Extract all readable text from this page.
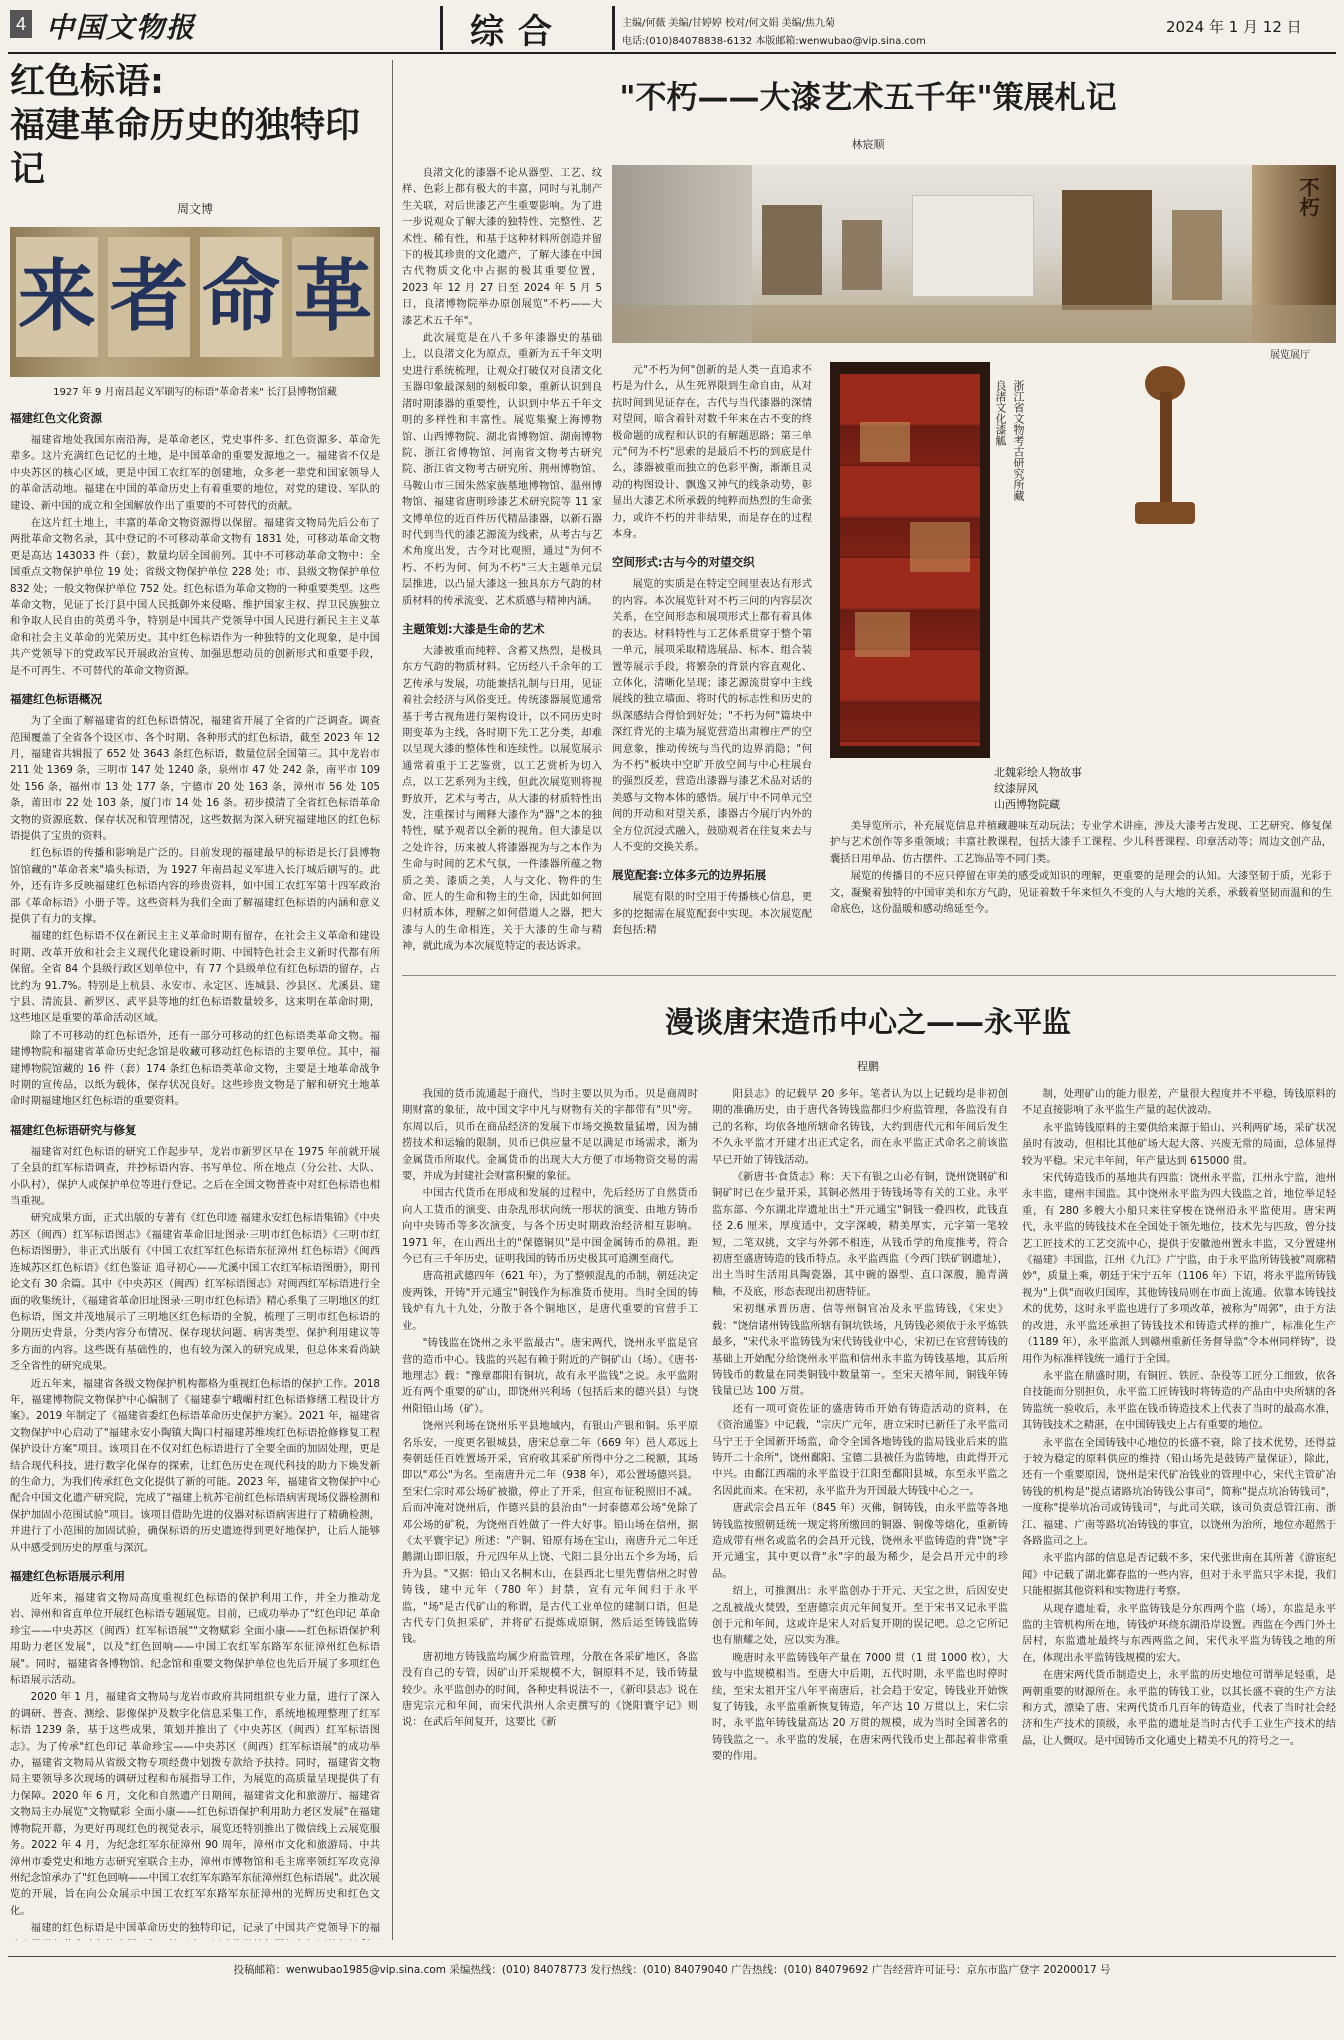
4 中国文物报	综合	主编/何薇 美编/甘婷婷 校对/何文娟 美编/焦九菊
电话:(010)84078838-6132 本版邮箱:wenwubao@vip.sina.com
2024 年 1 月 12 日
红色标语:
福建革命历史的独特印记
周文博
来 者 命 革
1927 年 9 月南昌起义军刷写的标语"革命者来" 长汀县博物馆藏
福建红色文化资源

福建省地处我国东南沿海，是革命老区，党史事件多、红色资源多、革命先辈多。这片充满红色记忆的土地，是中国革命的重要发源地之一。福建省不仅是中央苏区的核心区域，更是中国工农红军的创建地，众多老一辈党和国家领导人的革命活动地。福建在中国的革命历史上有着重要的地位，对党的建设、军队的建设、新中国的成立和全国解放作出了重要的不可替代的贡献。

在这片红土地上，丰富的革命文物资源得以保留。福建省文物局先后公布了两批革命文物名录，其中登记的不可移动革命文物有 1831 处，可移动革命文物更是高达 143033 件（套），数量均居全国前列。其中不可移动革命文物中：全国重点文物保护单位 19 处；省级文物保护单位 228 处；市、县级文物保护单位 832 处；一般文物保护单位 752 处。红色标语为革命文物的一种重要类型。这些革命文物，见证了长汀县中国人民抵御外来侵略、维护国家主权、捍卫民族独立和争取人民自由的英勇斗争，特别是中国共产党领导中国人民进行新民主主义革命和社会主义革命的光荣历史。其中红色标语作为一种独特的文化现象，是中国共产党领导下的党政军民开展政治宣传、加强思想动员的创新形式和重要手段，是不可再生、不可替代的革命文物资源。

福建红色标语概况

为了全面了解福建省的红色标语情况，福建省开展了全省的广泛调查。调查范围覆盖了全省各个设区市、各个时期、各种形式的红色标语，截至 2023 年 12 月，福建省共辑报了 652 处 3643 条红色标语，数量位居全国第三。其中龙岩市 211 处 1369 条，三明市 147 处 1240 条，泉州市 47 处 242 条，南平市 109 处 156 条，福州市 13 处 177 条，宁德市 20 处 163 条，漳州市 56 处 105 条，莆田市 22 处 103 条，厦门市 14 处 16 条。初步摸清了全省红色标语革命文物的资源底数、保存状况和管理情况，这些数据为深入研究福建地区的红色标语提供了宝贵的资料。

红色标语的传播和影响是广泛的。目前发现的福建最早的标语是长汀县博物馆馆藏的"革命者来"墙头标语，为 1927 年南昌起义军进入长汀城后刷写的。此外，还有许多反映福建红色标语内容的珍贵资料，如中国工农红军第十四军政治部《革命标语》小册子等。这些资料为我们全面了解福建红色标语的内涵和意义提供了有力的支撑。

福建的红色标语不仅在新民主主义革命时期有留存，在社会主义革命和建设时期、改革开放和社会主义现代化建设新时期、中国特色社会主义新时代都有所保留。全省 84 个县级行政区划单位中，有 77 个县级单位有红色标语的留存，占比约为 91.7%。特别是上杭县、永安市、永定区、连城县、沙县区、尤溪县、建宁县、清流县、新罗区、武平县等地的红色标语数量较多，这来明在革命时期，这些地区是重要的革命活动区域。

除了不可移动的红色标语外，还有一部分可移动的红色标语类革命文物。福建博物院和福建省革命历史纪念馆是收藏可移动红色标语的主要单位。其中，福建博物院馆藏的 16 件（套）174 条红色标语类革命文物，主要是土地革命战争时期的宣传品，以纸为载体，保存状况良好。这些珍贵文物是了解和研究土地革命时期福建地区红色标语的重要资料。

福建红色标语研究与修复

福建省对红色标语的研究工作起步早，龙岩市新罗区早在 1975 年前就开展了全县的红军标语调查，并抄标语内容、书写单位、所在地点（分公社、大队、小队村），保护人或保护单位等进行登记。之后在全国文物普查中对红色标语也相当重视。

研究成果方面，正式出版的专著有《红色印迹 福建永安红色标语集锦》《中央苏区（闽西）红军标语图志》《福建省革命旧址图录·三明市红色标语》《三明市红色标语图册》，非正式出版有《中国工农红军红色标语东征漳州 红色标语》《闽西连城苏区红色标语》《红色鉴证 追寻初心——尤溪中国工农红军标语图册》，期刊论文有 30 余篇。其中《中央苏区（闽西）红军标语图志》对闽西红军标语进行全面的收集统计，《福建省革命旧址图录·三明市红色标语》精心系集了三明地区的红色标语，图文并茂地展示了三明地区红色标语的全貌，梳理了三明市红色标语的分期历史背景，分类内容分布情况、保存现状问题、病害类型、保护利用建议等多方面的内容。这些既有基础性的，也有较为深入的研究成果，但总体来看尚缺乏全省性的研究成果。

近五年来，福建省各级文物保护机构都格为重视红色标语的保护工作。2018 年，福建博物院文物保护中心编制了《福建泰宁峨嵋村红色标语修缮工程设计方案》。2019 年制定了《福建省委红色标语革命历史保护方案》。2021 年，福建省文物保护中心启动了"福建永安小陶镇大陶口村福建苏维埃红色标语抢修修复工程保护设计方案"项目。该项目在不仅对红色标语进行了全要全面的加固处理，更是结合现代科技，进行数字化保存的探索，让红色历史在现代科技的助力下焕发新的生命力，为我们传承红色文化提供了新的可能。2023 年，福建省文物保护中心配合中国文化遗产研究院，完成了"福建上杭苏宅前红色标语病害现场仪器检测和保护加固小范围试验"项目。该项目借助先进的仪器对标语病害进行了精确检测，并进行了小范围的加固试验，确保标语的历史遗迹得到更好地保护，让后人能够从中感受到历史的厚重与深沉。

福建红色标语展示利用

近年来，福建省文物局高度重视红色标语的保护利用工作，并全力推动龙岩、漳州和省直单位开展红色标语专题展览。目前，已成功举办了"红色印记 革命珍宝——中央苏区（闽西）红军标语展""文物赋彩 全面小康——红色标语保护利用助力老区发展"，以及"红色回响——中国工农红军东路军东征漳州红色标语展"。同时，福建省各博物馆、纪念馆和重要文物保护单位也先后开展了多项红色标语展示活动。

2020 年 1 月，福建省文物局与龙岩市政府共同组织专业力量，进行了深入的调研、普查、测绘、影像保护及数字化信息采集工作，系统地梳理整理了红军标语 1239 条，基于这些成果，策划并推出了《中央苏区（闽西）红军标语图志》。为了传承"红色印记 革命珍宝——中央苏区（闽西）红军标语展"的成功举办，福建省文物局从省级文物专项经费中划拨专款给予扶持。同时，福建省文物局主要领导多次现场的调研过程和布展指导工作，为展览的高质量呈现提供了有力保障。2020 年 6 月，文化和自然遗产日期间，福建省文化和旅游厅、福建省文物局主办展览"文物赋彩 全面小康——红色标语保护利用助力老区发展"在福建博物院开幕，为更好再现红色的视觉表示，展览还特别推出了微信线上云展览服务。2022 年 4 月，为纪念红军东征漳州 90 周年，漳州市文化和旅游局、中共漳州市委党史和地方志研究室联合主办，漳州市博物馆和毛主席率领红军攻克漳州纪念馆承办了"红色回响——中国工农红军东路军东征漳州红色标语展"。此次展览的开展，旨在向公众展示中国工农红军东路军东征漳州的光辉历史和红色文化。

福建的红色标语是中国革命历史的独特印记，记录了中国共产党领导下的福

"不朽——大漆艺术五千年"策展札记
林宸顺

良渚文化的漆器不论从器型、工艺、纹样、色彩上都有极大的丰富，同时与礼制产生关联，对后世漆艺产生重要影响。为了进一步说观众了解大漆的独特性、完整性、艺术性、稀有性，和基于这种材料所创造并留下的极其珍贵的文化遗产，了解大漆在中国古代物质文化中占据的极其重要位置，2023 年 12 月 27 日至 2024 年 5 月 5 日，良渚博物院举办原创展览"不朽——大漆艺术五千年"。

此次展览是在八千多年漆器史的基础上，以良渚文化为原点，重新为五千年文明史进行系统梳理，让观众打破仅对良渚文化玉器印象最深刻的刻板印象，重新认识到良渚时期漆器的重要性，认识到中华五千年文明的多样性和丰富性。展览集聚上海博物馆、山西博物院、湖北省博物馆、湖南博物院、浙江省博物馆、河南省文物考古研究院、浙江省文物考古研究所、荆州博物馆、马鞍山市三国朱然家族墓地博物馆、温州博物馆、福建省唐明珍漆艺术研究院等 11 家文博单位的近百件历代精品漆器，以新石器时代到当代的漆艺源流为线索，从考古与艺术角度出发，古今对比观照，通过"为何不朽、不朽为何、何为不朽"三大主题单元层层推进，以凸显大漆这一独具东方气韵的材质材料的传承流变、艺术质感与精神内涵。

主题策划:大漆是生命的艺术

大漆被重而纯粹、含蓄又热烈，是极具东方气韵的物质材料。它历经八千余年的工艺传承与发展，功能兼括礼制与日用，见证着社会经济与风俗变迁。传统漆器展览通常基于考古视角进行架构设计，以不同历史时期变革为主线，各时期下先工艺分类，却难以呈现大漆的整体性和连续性。以展览展示通常着重于工艺鉴赏，以工艺赏析为切入点，以工艺系列为主线，但此次展览则将视野放开，艺术与考古，从大漆的材质特性出发，注重探讨与阐释大漆作为"器"之本的独特性，赋予观者以全新的视角。但大漆是以之处许谷，历来被人将漆器视为与之本作为生命与时间的艺术气氛，一件漆器所蕴之物质之美、漆质之美，人与文化、物件的生命、匠人的生命和物主的生命，因此如何回归材质本体，理解之如何借道人之器，把大漆与人的生命相连，关于大漆的生命与精神，就此成为本次展览特定的表达诉求。

不朽
展览展厅

元"不朽为何"创新的是人类一直追求不朽是为什么，从生死界限到生命自由，从对抗时间到见证存在，古代与当代漆器的深情对望间，暗含着针对数千年来在古不变的终极命题的成程和认识的有解题思路；第三单元"何为不朽"思索的是最后不朽的到底是什么，漆器被重而独立的色彩平衡，渐渐且灵动的构图设计、飘逸又神气的线条动势，彰显出大漆艺术所承载的纯粹而热烈的生命张力，或许不朽的并非结果，而是存在的过程本身。

空间形式:古与今的对望交织

展览的实质是在特定空间里表达有形式的内容。本次展览针对不朽三问的内容层次关系，在空间形态和展项形式上都有着具体的表达。材料特性与工艺体系贯穿于整个第一单元，展项采取精选展品、标本、组合装置等展示手段，将繁杂的背景内容直观化、立体化，清晰化呈现；漆艺源流贯穿中主线展线的独立墙面、将时代的标志性和历史的纵深感结合得恰到好处；"不朽为何"篇块中深红背光的主墙为展览营造出肃穆庄严的空间意象，推动传统与当代的边界消隐；"何为不朽"板块中空旷开放空间与中心柱展台的强烈反差，营造出漆器与漆艺术品对话的美感与文物本体的感悟。展厅中不同单元空间的开动和对望关系，漆器古今展厅内外的全方位沉浸式融入，鼓励观者在往复来去与人不变的交换关系。

展览配套:立体多元的边界拓展

展览有限的时空用于传播核心信息，更多的挖掘需在展览配套中实现。本次展览配套包括:精

良渚文化漆觚 浙江省文物考古研究所藏
北魏彩绘人物故事
纹漆屏风
山西博物院藏

美导览所示，补充展览信息并植藏趣味互动玩法；专业学术讲座，涉及大漆考古发现、工艺研究、修复保护与艺术创作等多重领域；丰富社教课程，包括大漆手工课程、少儿科普课程、印章活动等；周边文创产品，囊括日用单品、仿古摆件、工艺饰品等不同门类。

展览的传播目的不应只停留在审美的感受或知识的理解，更重要的是理会的认知。大漆坚韧于质，光彩于文，凝聚着独特的中国审美和东方气韵，见证着数千年来恒久不变的人与大地的关系，承载着坚韧而温和的生命底色，这份温暖和感动绵延至今。

漫谈唐宋造币中心之——永平监
程鹏

我国的货币流通起于商代，当时主要以贝为币。贝是商周时期财富的象征，故中国文字中凡与财物有关的字都带有"贝"旁。东周以后，贝币在商品经济的发展下市场交换数量猛增，因为捕捞技术和运输的限制，贝币已供应量不足以满足市场需求，渐为金属货币所取代。金属货币的出现大大方便了市场物资交易的需要，并成为封建社会财富积聚的象征。

中国古代货币在形成和发展的过程中，先后经历了自然货币向人工货币的演变、由杂乱形状向统一形状的演变、由地方铸币向中央铸币等多次演变，与各个历史时期政治经济相互影响。1971 年，在山西出土的"保德铜贝"是中国金属铸币的鼻祖。距今已有三千年历史，证明我国的铸币历史极其可追溯至商代。

唐高祖武德四年（621 年），为了整顿混乱的币制，朝廷决定废两铢，开铸"开元通宝"铜钱作为标准货币使用。当时全国的铸钱炉有九十九处，分散于各个铜地区，是唐代重要的官营手工业。

"铸钱监在饶州之永平监最古"。唐宋两代，饶州永平监是官营的造币中心。钱监的兴起有赖于附近的产铜矿山（场）。《唐书·地理志》载："豫章郡阳有铜坑，故有永平监钱"之说。永平监附近有两个重要的矿山，即饶州兴利场（包括后来的德兴县）与饶州阳铅山场（矿）。

饶州兴利场在饶州乐平县地域内，有银山产银和铜。乐平原名乐安，一度更名银城县，唐宋总章二年（669 年）邑人邓远上奏朝廷任百姓置场开采，官府收其采矿所得中分之二税额，其场即以"邓公"为名。至南唐升元二年（938 年），邓公置场德兴县。至宋仁宗时邓公场矿被撤，停止了开采，但宣布征税照旧不减。后而冲淹对饶州后，作德兴县的县治由"一封泰德邓公场"免除了邓公场的矿税，为饶州百姓做了一件大好事。铅山场在信州，据《太平寰宇记》所述："产铜、铅原有场在宝山，南唐升元二年迁鹅湖山即旧版，升元四年从上饶、弋阳二县分出五个乡为场，后升为县。"又据：铅山又名桐木山，在县西北七里先曹信州之时曾铸钱，建中元年（780 年）封禁，宣有元年间归于永平监，"场"是古代矿山的称谓，是古代工业单位的建制口语，但是古代专门负担采矿，并将矿石提炼成原铜，然后运至铸钱监铸钱。

唐初地方铸钱监均属少府监管理，分散在各采矿地区，各监没有自己的专管，因矿山开采规模不大，铜原料不足，钱币铸量较少。永平监创办的时间，各种史料说法不一，《新印县志》说在唐宪宗元和年间，而宋代洪州人余吏撰写的《饶阳寰宇记》则说：在武后年间复开，这要比《新

阳县志》的记载早 20 多年。笔者认为以上记载均是非初创期的准确历史，由于唐代各铸钱监都归少府监管理，各监没有自己的名称，均依各地所辖命名铸钱，大约到唐代元和年间后发生不久永平监才开建才出正式定名，而在永平监正式命名之前该监早已开始了铸钱活动。

《新唐书·食货志》称：天下有银之山必有铜，饶州饶钢矿和铜矿时已在少量开采，其铜必然用于铸钱场等有关的工业。永平监东部、今东湖北岸遗址出土"开元通宝"铜钱一叠四枚，此钱直径 2.6 厘米，厚度适中，文字深峻，精美厚实，元字第一笔较短，二笔双挑，文字与外郭不相连，从钱币学的角度推考，符合初唐至盛唐铸造的钱币特点。永平监西监（今西门铁矿钢遗址），出土当时生活用具陶瓷器，其中碗的器型、直口深腹，脆青满釉，不及底，形态表现出初唐特征。

宋初继承晋历唐、信等州铜官冶及永平监铸钱，《宋史》载："饶信诸州铸钱监所辖有铜坑铁场，凡铸钱必须依于永平炼铁最多，"宋代永平监铸钱为宋代铸钱业中心，宋初已在官营铸钱的基础上开始配分给饶州永平监和信州永丰监为铸钱基地，其后所铸钱币的数量在同类铜钱中数量第一。至宋天禧年间，铜钱年铸钱量已达 100 万贯。

还有一项可资佐证的盛唐铸币开始有铸造活动的资料，在《资治通鉴》中记载，"宗庆广元年，唐立宋时已新任了永平监司马宁王于全国新开场监，命令全国各地铸钱的监局钱业后来的监铸开二十余所"，饶州鄱阳、宝德二县被任为监铸地，由此得开元中兴。由鄱江西端的永平监设于江阳至鄱阳县城，东至永平监之名因此而来。在宋初，永平监升为开国最大铸钱中心之一。

唐武宗会昌五年（845 年）灭佛，铜铸钱，由永平监等各地铸钱监按照朝廷统一规定将所缴回的铜器、铜像等熔化，重新铸造成带有州名或监名的会昌开元钱，饶州永平监铸造的背"饶"字开元通宝，其中更以背"永"字的最为稀少，是会昌开元中的珍品。

绍上，可推测出：永平监创办于开元、天宝之世，后因安史之乱被战火焚毁，至唐德宗贞元年间复开。至于宋书又记永平监创于元和年间，这或许是宋人对后复开期的误记吧。总之它所记也有鼎耀之处，应以实为准。

晚唐时永平监铸钱年产量在 7000 贯（1 贯 1000 枚），大致与中监规模相当。至唐大中后期，五代时期，永平监也时停时续，至宋太祖开宝八年平南唐后，社会趋于安定，铸钱业开始恢复了铸钱，永平监重新恢复铸造，年产达 10 万贯以上，宋仁宗时，永平监年铸钱量高达 20 万贯的规模，成为当时全国著名的铸钱监之一。永平监的发展，在唐宋两代钱币史上都起着非常重要的作用。

制，处理矿山的能力很差，产量很大程度并不平稳，铸钱原料的不足直接影响了永平监生产量的起伏波动。

永平监铸钱原料的主要供给来源于铅山、兴利两矿场，采矿状况虽时有波动，但相比其他矿场大起大落、兴废无常的局面，总体显得较为平稳。宋元丰年间，年产量达到 615000 贯。

宋代铸造钱币的基地共有四监：饶州永平监，江州永宁监，池州永丰监，建州丰国监。其中饶州永平监为四大钱监之首，地位举足轻重，有 280 多艘大小船只来往穿梭在饶州沿永平监使用。唐宋两代，永平监的铸钱技术在全国处于领先地位，技术先与匹敌，曾分技艺工匠技术的工艺交流中心，提供于安徽池州置永丰监，又分置建州《福建》丰国监，江州《九江》广宁监，由于永平监所铸钱被"周廓精妙"，质量上乘，朝廷于宋宁五年（1106 年）下诏，将永平监所铸钱视为"上供"而收归国库，其他铸钱局则在市面上流通。依靠本铸钱技术的优势，这时永平监也进行了多项改革，被称为"周郭"，由于方法的改进，永平监还承担了铸钱技术和铸造式样的推广，标准化生产（1189 年），永平监派人到赣州重新任务督导监"令本州同样铸"，设用作为标准样钱统一通行于全国。

永平监在鼎盛时期，有铜匠、铁匠、杂役等工匠分工细致，依各自技能而分别担负，永平监工匠铸钱时将铸造的产品由中央所辖的各铸监统一验收后，永平监在钱币铸造技术上代表了当时的最高水准，其铸钱技术之精湛，在中国铸钱史上占有重要的地位。

永平监在全国铸钱中心地位的长盛不衰，除了技术优势，还得益于较为稳定的原料供应的维持（铅山场先是鼓铸产量保证），除此，还有一个重要原因，饶州是宋代矿冶钱业的管理中心，宋代主管矿冶铸钱的机构是"提点诸路坑冶铸钱公事司"，简称"提点坑冶铸钱司"，一度称"提举坑冶司或铸钱司"，与此司关联，该司负责总管江南、浙江、福建、广南等路坑冶铸钱的事宜，以饶州为治所，地位亦超然于各路监司之上。

永平监内部的信息是否记载不多，宋代张世南在其所著《游宦纪闻》中记载了湖北鄞春监的一些内容，但对于永平监只字未提，我们只能根据其他资料和实物进行考察。

从现存遗址看，永平监铸钱是分东西两个监（场），东监是永平监的主管机构所在地，铸钱炉环绕东湖沿岸设置。西监在今西门外土居村，东监遗址最终与东西两监之间，宋代永平监为铸钱之地的所在，体现出永平监铸钱规模的宏大。

在唐宋两代货币制造史上，永平监的历史地位可谓举足轻重，是两朝重要的财源所在。永平监的铸钱工业，以其长盛不衰的生产方法和方式，漂染了唐、宋两代货币几百年的铸造业，代表了当时社会经济和生产技术的顶级，永平监的遗址是当时古代手工业生产技术的结晶，让人慨叹。是中国铸币文化通史上精美不凡的符号之一。

投稿邮箱：wenwubao1985@vip.sina.com 采编热线：(010) 84078773 发行热线：(010) 84079040 广告热线：(010) 84079692 广告经营许可证号：京东市监广登字 20200017 号
